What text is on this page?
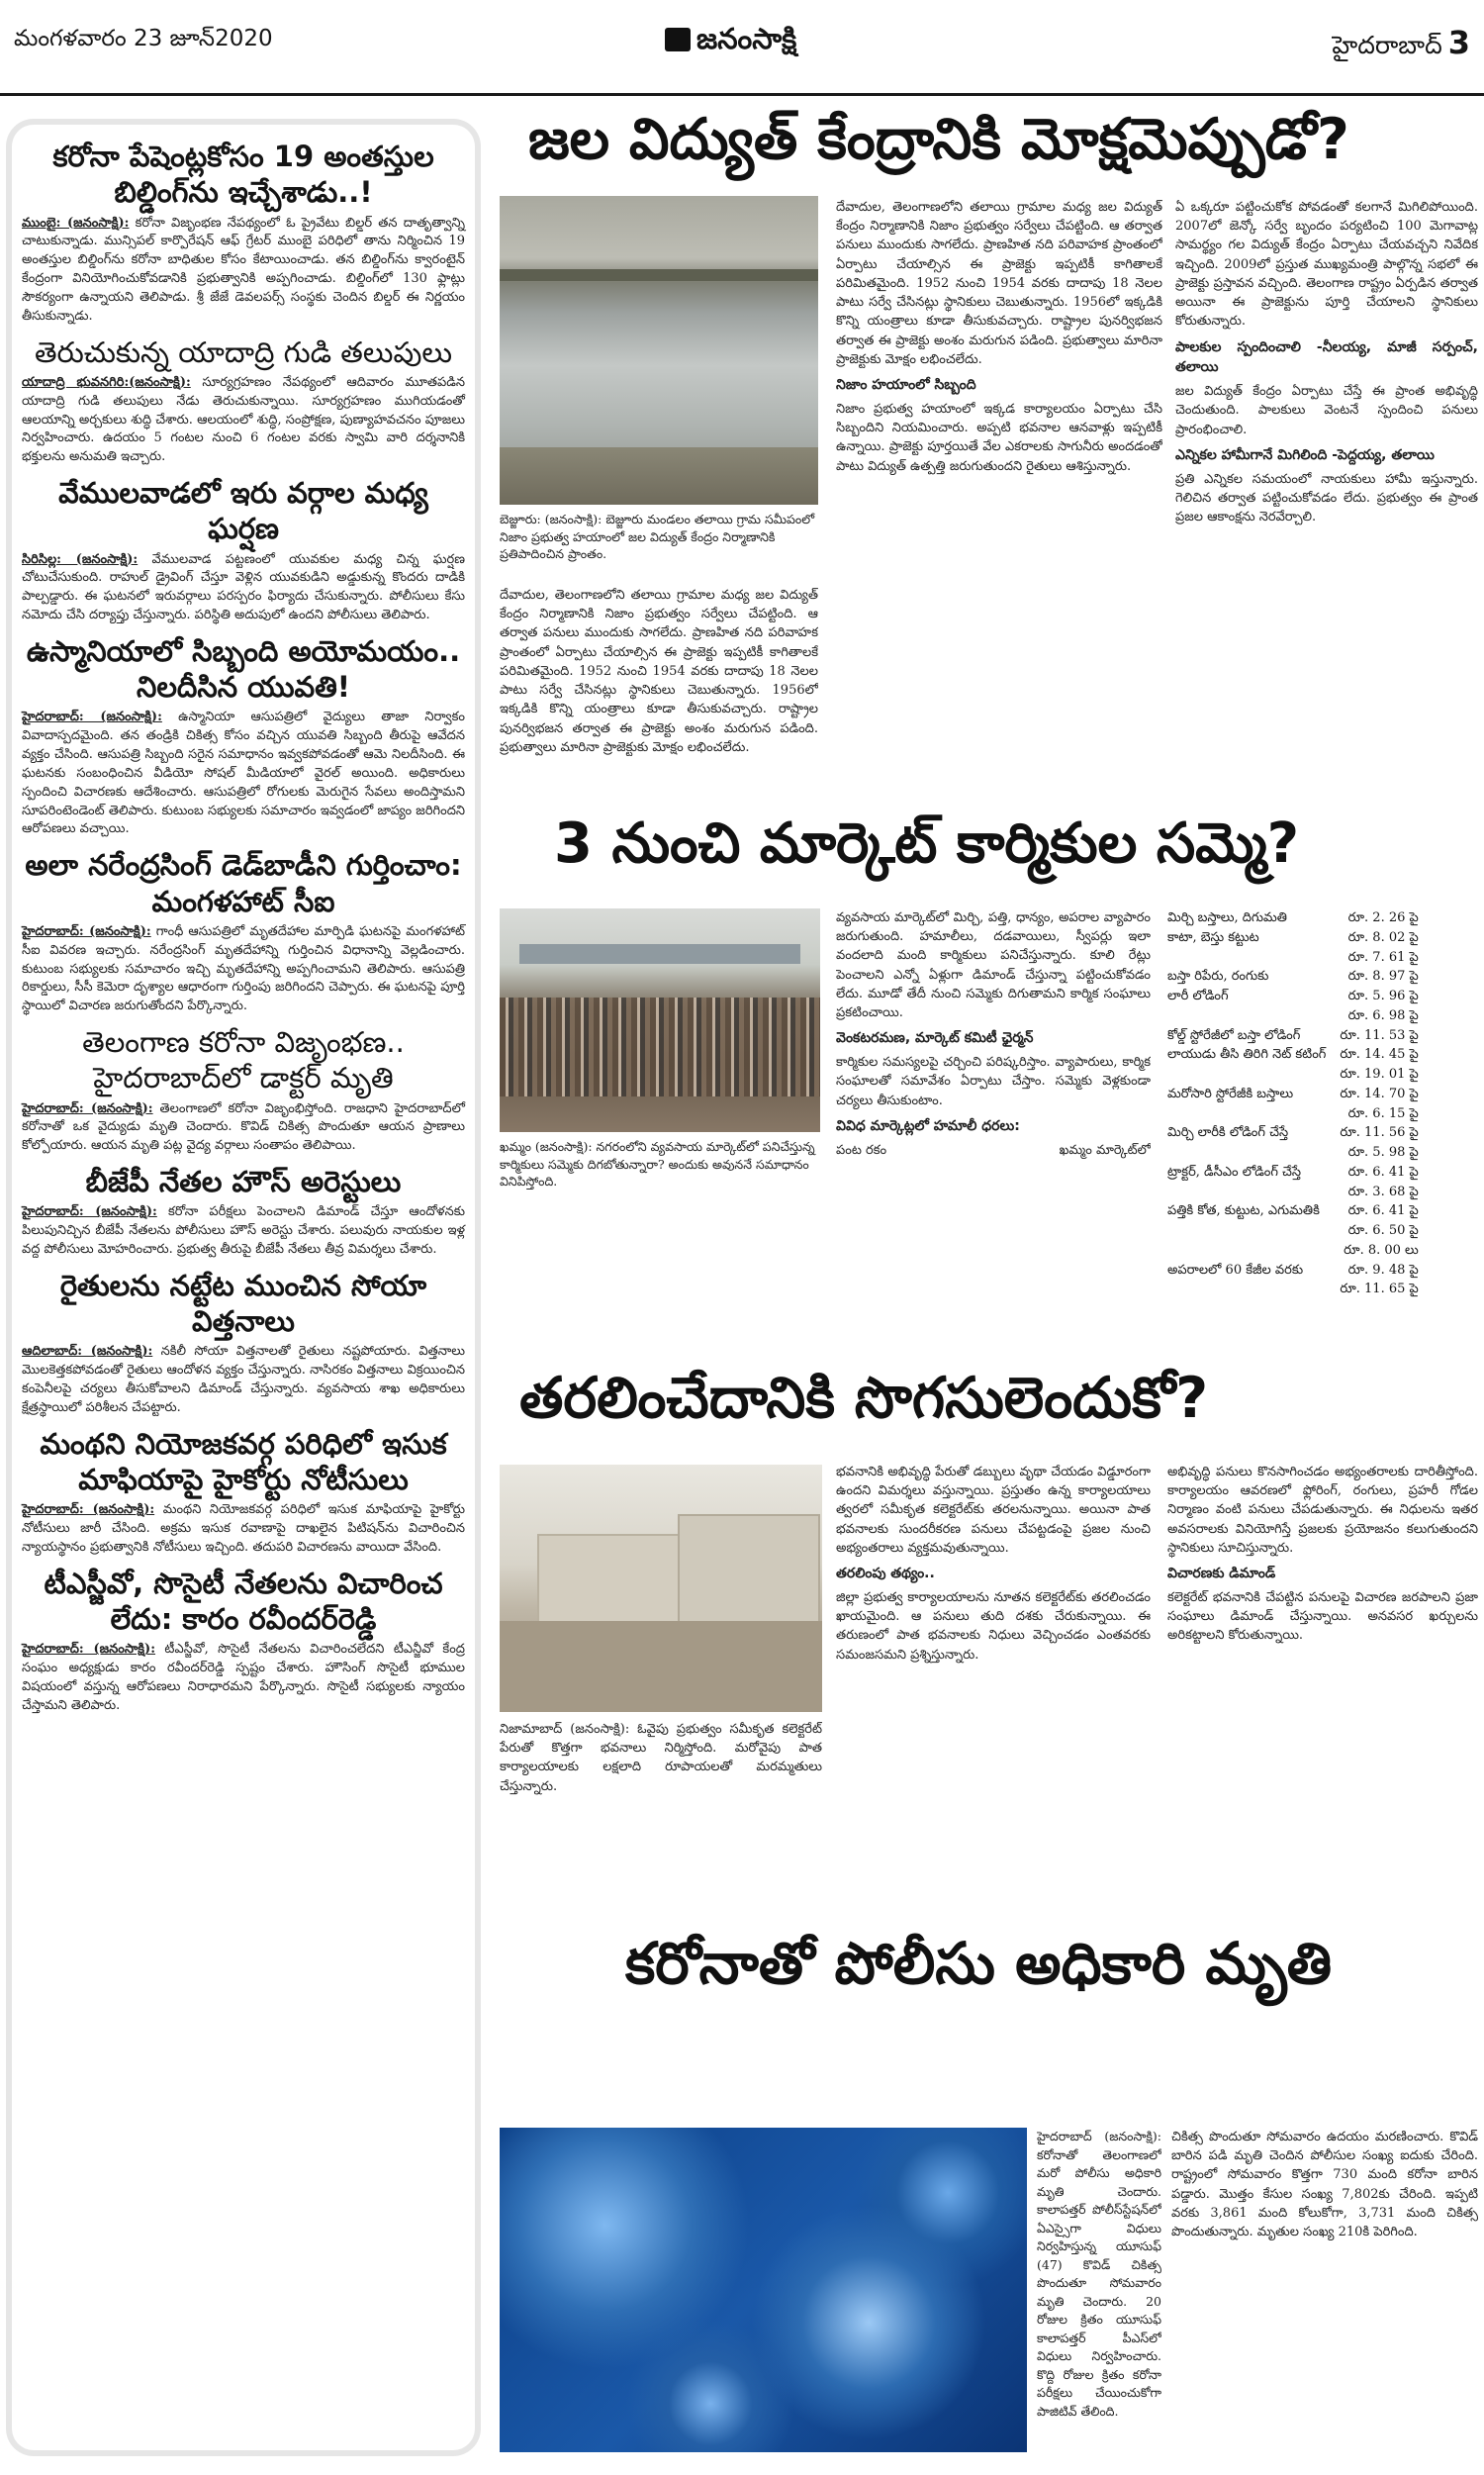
మంగళవారం 23 జూన్2020	జనంసాక్షి	హైదరాబాద్ 3
కరోనా పేషెంట్లకోసం 19 అంతస్తుల బిల్డింగ్‌ను ఇచ్చేశాడు..!

ముంబై: (జనంసాక్షి): కరోనా విజృంభణ నేపథ్యంలో ఓ ప్రైవేటు బిల్డర్ తన దాతృత్వాన్ని చాటుకున్నాడు. మున్సిపల్ కార్పొరేషన్ ఆఫ్ గ్రేటర్ ముంబై పరిధిలో తాను నిర్మించిన 19 అంతస్తుల బిల్డింగ్‌ను కరోనా బాధితుల కోసం కేటాయించాడు. తన బిల్డింగ్‌ను క్వారంటైన్ కేంద్రంగా వినియోగించుకోవడానికి ప్రభుత్వానికి అప్పగించాడు. బిల్డింగ్‌లో 130 ఫ్లాట్లు సౌకర్యంగా ఉన్నాయని తెలిపాడు. శ్రీ జేజే డెవలపర్స్ సంస్థకు చెందిన బిల్డర్ ఈ నిర్ణయం తీసుకున్నాడు.

తెరుచుకున్న యాదాద్రి గుడి తలుపులు

యాదాద్రి భువనగిరి:(జనంసాక్షి): సూర్యగ్రహణం నేపథ్యంలో ఆదివారం మూతపడిన యాదాద్రి గుడి తలుపులు నేడు తెరుచుకున్నాయి. సూర్యగ్రహణం ముగియడంతో ఆలయాన్ని అర్చకులు శుద్ధి చేశారు. ఆలయంలో శుద్ధి, సంప్రోక్షణ, పుణ్యాహవచనం పూజలు నిర్వహించారు. ఉదయం 5 గంటల నుంచి 6 గంటల వరకు స్వామి వారి దర్శనానికి భక్తులను అనుమతి ఇచ్చారు.

వేములవాడలో ఇరు వర్గాల మధ్య ఘర్షణ

సిరిసిల్ల: (జనంసాక్షి): వేములవాడ పట్టణంలో యువకుల మధ్య చిన్న ఘర్షణ చోటుచేసుకుంది. రాహుల్ డ్రైవింగ్ చేస్తూ వెళ్లిన యువకుడిని అడ్డుకున్న కొందరు దాడికి పాల్పడ్డారు. ఈ ఘటనలో ఇరువర్గాలు పరస్పరం ఫిర్యాదు చేసుకున్నారు. పోలీసులు కేసు నమోదు చేసి దర్యాప్తు చేస్తున్నారు. పరిస్థితి అదుపులో ఉందని పోలీసులు తెలిపారు.

ఉస్మానియాలో సిబ్బంది అయోమయం.. నిలదీసిన యువతి!

హైదరాబాద్: (జనంసాక్షి): ఉస్మానియా ఆసుపత్రిలో వైద్యులు తాజా నిర్వాకం వివాదాస్పదమైంది. తన తండ్రికి చికిత్స కోసం వచ్చిన యువతి సిబ్బంది తీరుపై ఆవేదన వ్యక్తం చేసింది. ఆసుపత్రి సిబ్బంది సరైన సమాధానం ఇవ్వకపోవడంతో ఆమె నిలదీసింది. ఈ ఘటనకు సంబంధించిన వీడియో సోషల్ మీడియాలో వైరల్ అయింది. అధికారులు స్పందించి విచారణకు ఆదేశించారు. ఆసుపత్రిలో రోగులకు మెరుగైన సేవలు అందిస్తామని సూపరింటెండెంట్ తెలిపారు. కుటుంబ సభ్యులకు సమాచారం ఇవ్వడంలో జాప్యం జరిగిందని ఆరోపణలు వచ్చాయి.

అలా నరేంద్రసింగ్ డెడ్‌బాడీని గుర్తించాం: మంగళహాట్ సీఐ

హైదరాబాద్: (జనంసాక్షి): గాంధీ ఆసుపత్రిలో మృతదేహాల మార్పిడి ఘటనపై మంగళహాట్ సీఐ వివరణ ఇచ్చారు. నరేంద్రసింగ్ మృతదేహాన్ని గుర్తించిన విధానాన్ని వెల్లడించారు. కుటుంబ సభ్యులకు సమాచారం ఇచ్చి మృతదేహాన్ని అప్పగించామని తెలిపారు. ఆసుపత్రి రికార్డులు, సీసీ కెమెరా దృశ్యాల ఆధారంగా గుర్తింపు జరిగిందని చెప్పారు. ఈ ఘటనపై పూర్తి స్థాయిలో విచారణ జరుగుతోందని పేర్కొన్నారు.

తెలంగాణ కరోనా విజృంభణ.. హైదరాబాద్‌లో డాక్టర్ మృతి

హైదరాబాద్: (జనంసాక్షి): తెలంగాణలో కరోనా విజృంభిస్తోంది. రాజధాని హైదరాబాద్‌లో కరోనాతో ఒక వైద్యుడు మృతి చెందారు. కొవిడ్ చికిత్స పొందుతూ ఆయన ప్రాణాలు కోల్పోయారు. ఆయన మృతి పట్ల వైద్య వర్గాలు సంతాపం తెలిపాయి.

బీజేపీ నేతల హౌస్ అరెస్టులు

హైదరాబాద్: (జనంసాక్షి): కరోనా పరీక్షలు పెంచాలని డిమాండ్ చేస్తూ ఆందోళనకు పిలుపునిచ్చిన బీజేపీ నేతలను పోలీసులు హౌస్ అరెస్టు చేశారు. పలువురు నాయకుల ఇళ్ల వద్ద పోలీసులు మోహరించారు. ప్రభుత్వ తీరుపై బీజేపీ నేతలు తీవ్ర విమర్శలు చేశారు.

రైతులను నట్టేట ముంచిన సోయా విత్తనాలు

ఆదిలాబాద్: (జనంసాక్షి): నకిలీ సోయా విత్తనాలతో రైతులు నష్టపోయారు. విత్తనాలు మొలకెత్తకపోవడంతో రైతులు ఆందోళన వ్యక్తం చేస్తున్నారు. నాసిరకం విత్తనాలు విక్రయించిన కంపెనీలపై చర్యలు తీసుకోవాలని డిమాండ్ చేస్తున్నారు. వ్యవసాయ శాఖ అధికారులు క్షేత్రస్థాయిలో పరిశీలన చేపట్టారు.

మంథని నియోజకవర్గ పరిధిలో ఇసుక మాఫియాపై హైకోర్టు నోటీసులు

హైదరాబాద్: (జనంసాక్షి): మంథని నియోజకవర్గ పరిధిలో ఇసుక మాఫియాపై హైకోర్టు నోటీసులు జారీ చేసింది. అక్రమ ఇసుక రవాణాపై దాఖలైన పిటిషన్‌ను విచారించిన న్యాయస్థానం ప్రభుత్వానికి నోటీసులు ఇచ్చింది. తదుపరి విచారణను వాయిదా వేసింది.

టీఎస్జీవో, సొసైటీ నేతలను విచారించ లేదు: కారం రవీందర్‌రెడ్డి

హైదరాబాద్: (జనంసాక్షి): టీఎస్జీవో, సొసైటీ నేతలను విచారించలేదని టీఎన్జీవో కేంద్ర సంఘం అధ్యక్షుడు కారం రవీందర్‌రెడ్డి స్పష్టం చేశారు. హౌసింగ్ సొసైటీ భూముల విషయంలో వస్తున్న ఆరోపణలు నిరాధారమని పేర్కొన్నారు. సొసైటీ సభ్యులకు న్యాయం చేస్తామని తెలిపారు.

జల విద్యుత్ కేంద్రానికి మోక్షమెప్పుడో?
బెజ్జూరు: (జనంసాక్షి): బెజ్జూరు మండలం తలాయి గ్రామ సమీపంలో నిజాం ప్రభుత్వ హయాంలో జల విద్యుత్ కేంద్రం నిర్మాణానికి ప్రతిపాదించిన ప్రాంతం.

దేవాదుల, తెలంగాణలోని తలాయి గ్రామాల మధ్య జల విద్యుత్ కేంద్రం నిర్మాణానికి నిజాం ప్రభుత్వం సర్వేలు చేపట్టింది. ఆ తర్వాత పనులు ముందుకు సాగలేదు. ప్రాణహిత నది పరివాహక ప్రాంతంలో ఏర్పాటు చేయాల్సిన ఈ ప్రాజెక్టు ఇప్పటికీ కాగితాలకే పరిమితమైంది. 1952 నుంచి 1954 వరకు దాదాపు 18 నెలల పాటు సర్వే చేసినట్లు స్థానికులు చెబుతున్నారు. 1956లో ఇక్కడికి కొన్ని యంత్రాలు కూడా తీసుకువచ్చారు. రాష్ట్రాల పునర్విభజన తర్వాత ఈ ప్రాజెక్టు అంశం మరుగున పడింది. ప్రభుత్వాలు మారినా ప్రాజెక్టుకు మోక్షం లభించలేదు.

దేవాదుల, తెలంగాణలోని తలాయి గ్రామాల మధ్య జల విద్యుత్ కేంద్రం నిర్మాణానికి నిజాం ప్రభుత్వం సర్వేలు చేపట్టింది. ఆ తర్వాత పనులు ముందుకు సాగలేదు. ప్రాణహిత నది పరివాహక ప్రాంతంలో ఏర్పాటు చేయాల్సిన ఈ ప్రాజెక్టు ఇప్పటికీ కాగితాలకే పరిమితమైంది. 1952 నుంచి 1954 వరకు దాదాపు 18 నెలల పాటు సర్వే చేసినట్లు స్థానికులు చెబుతున్నారు. 1956లో ఇక్కడికి కొన్ని యంత్రాలు కూడా తీసుకువచ్చారు. రాష్ట్రాల పునర్విభజన తర్వాత ఈ ప్రాజెక్టు అంశం మరుగున పడింది. ప్రభుత్వాలు మారినా ప్రాజెక్టుకు మోక్షం లభించలేదు.

నిజాం హయాంలో సిబ్బంది

నిజాం ప్రభుత్వ హయాంలో ఇక్కడ కార్యాలయం ఏర్పాటు చేసి సిబ్బందిని నియమించారు. అప్పటి భవనాల ఆనవాళ్లు ఇప్పటికీ ఉన్నాయి. ప్రాజెక్టు పూర్తయితే వేల ఎకరాలకు సాగునీరు అందడంతో పాటు విద్యుత్ ఉత్పత్తి జరుగుతుందని రైతులు ఆశిస్తున్నారు.

ఏ ఒక్కరూ పట్టించుకోక పోవడంతో కలగానే మిగిలిపోయింది. 2007లో జెన్కో సర్వే బృందం పర్యటించి 100 మెగావాట్ల సామర్థ్యం గల విద్యుత్ కేంద్రం ఏర్పాటు చేయవచ్చని నివేదిక ఇచ్చింది. 2009లో ప్రస్తుత ముఖ్యమంత్రి పాల్గొన్న సభలో ఈ ప్రాజెక్టు ప్రస్తావన వచ్చింది. తెలంగాణ రాష్ట్రం ఏర్పడిన తర్వాత అయినా ఈ ప్రాజెక్టును పూర్తి చేయాలని స్థానికులు కోరుతున్నారు.

పాలకుల స్పందించాలి -నీలయ్య, మాజీ సర్పంచ్, తలాయి

జల విద్యుత్ కేంద్రం ఏర్పాటు చేస్తే ఈ ప్రాంత అభివృద్ధి చెందుతుంది. పాలకులు వెంటనే స్పందించి పనులు ప్రారంభించాలి.

ఎన్నికల హామీగానే మిగిలింది -పెద్దయ్య, తలాయి

ప్రతి ఎన్నికల సమయంలో నాయకులు హామీ ఇస్తున్నారు. గెలిచిన తర్వాత పట్టించుకోవడం లేదు. ప్రభుత్వం ఈ ప్రాంత ప్రజల ఆకాంక్షను నెరవేర్చాలి.

3 నుంచి మార్కెట్ కార్మికుల సమ్మె?
ఖమ్మం (జనంసాక్షి): నగరంలోని వ్యవసాయ మార్కెట్‌లో పనిచేస్తున్న కార్మికులు సమ్మెకు దిగబోతున్నారా? అందుకు అవుననే సమాధానం వినిపిస్తోంది.

వ్యవసాయ మార్కెట్‌లో మిర్చి, పత్తి, ధాన్యం, అపరాల వ్యాపారం జరుగుతుంది. హమాలీలు, దడవాయిలు, స్వీపర్లు ఇలా వందలాది మంది కార్మికులు పనిచేస్తున్నారు. కూలి రేట్లు పెంచాలని ఎన్నో ఏళ్లుగా డిమాండ్ చేస్తున్నా పట్టించుకోవడం లేదు. మూడో తేదీ నుంచి సమ్మెకు దిగుతామని కార్మిక సంఘాలు ప్రకటించాయి.

వెంకటరమణ, మార్కెట్ కమిటీ ఛైర్మన్

కార్మికుల సమస్యలపై చర్చించి పరిష్కరిస్తాం. వ్యాపారులు, కార్మిక సంఘాలతో సమావేశం ఏర్పాటు చేస్తాం. సమ్మెకు వెళ్లకుండా చర్యలు తీసుకుంటాం.

వివిధ మార్కెట్లలో హమాలీ ధరలు:
పంట రకం	ఖమ్మం మార్కెట్‌లో
మిర్చి బస్తాలు, దిగుమతి	రూ. 2. 26 పై
కాటా, బెస్తు కట్టుట	రూ. 8. 02 పై
	రూ. 7. 61 పై
బస్తా రిపేరు, రంగుకు	రూ. 8. 97 పై
లారీ లోడింగ్	రూ. 5. 96 పై
	రూ. 6. 98 పై
కోల్డ్ స్టోరేజీలో బస్తా లోడింగ్	రూ. 11. 53 పై
లాయుడు తీసి తిరిగి నెట్ కటింగ్	రూ. 14. 45 పై
	రూ. 19. 01 పై
మరోసారి స్టోరేజీకి బస్తాలు	రూ. 14. 70 పై
	రూ. 6. 15 పై
మిర్చి లారీకి లోడింగ్ చేస్తే	రూ. 11. 56 పై
	రూ. 5. 98 పై
ట్రాక్టర్, డీసీఎం లోడింగ్ చేస్తే	రూ. 6. 41 పై
	రూ. 3. 68 పై
పత్తికి కోత, కుట్టుట, ఎగుమతికి	రూ. 6. 41 పై
	రూ. 6. 50 పై
	రూ. 8. 00 లు
అపరాలలో 60 కేజీల వరకు	రూ. 9. 48 పై
	రూ. 11. 65 పై
తరలించేదానికి సొగసులెందుకో?

నిజామాబాద్ (జనంసాక్షి): ఓవైపు ప్రభుత్వం సమీకృత కలెక్టరేట్ పేరుతో కొత్తగా భవనాలు నిర్మిస్తోంది. మరోవైపు పాత కార్యాలయాలకు లక్షలాది రూపాయలతో మరమ్మతులు చేస్తున్నారు.

భవనానికి అభివృద్ధి పేరుతో డబ్బులు వృథా చేయడం విడ్డూరంగా ఉందని విమర్శలు వస్తున్నాయి. ప్రస్తుతం ఉన్న కార్యాలయాలు త్వరలో సమీకృత కలెక్టరేట్‌కు తరలనున్నాయి. అయినా పాత భవనాలకు సుందరీకరణ పనులు చేపట్టడంపై ప్రజల నుంచి అభ్యంతరాలు వ్యక్తమవుతున్నాయి.

తరలింపు తథ్యం..

జిల్లా ప్రభుత్వ కార్యాలయాలను నూతన కలెక్టరేట్‌కు తరలించడం ఖాయమైంది. ఆ పనులు తుది దశకు చేరుకున్నాయి. ఈ తరుణంలో పాత భవనాలకు నిధులు వెచ్చించడం ఎంతవరకు సమంజసమని ప్రశ్నిస్తున్నారు.

అభివృద్ధి పనులు కొనసాగించడం అభ్యంతరాలకు దారితీస్తోంది. కార్యాలయం ఆవరణలో ఫ్లోరింగ్, రంగులు, ప్రహరీ గోడల నిర్మాణం వంటి పనులు చేపడుతున్నారు. ఈ నిధులను ఇతర అవసరాలకు వినియోగిస్తే ప్రజలకు ప్రయోజనం కలుగుతుందని స్థానికులు సూచిస్తున్నారు.

విచారణకు డిమాండ్

కలెక్టరేట్ భవనానికి చేపట్టిన పనులపై విచారణ జరపాలని ప్రజా సంఘాలు డిమాండ్ చేస్తున్నాయి. అనవసర ఖర్చులను అరికట్టాలని కోరుతున్నాయి.

కరోనాతో పోలీసు అధికారి మృతి

హైదరాబాద్ (జనంసాక్షి): కరోనాతో తెలంగాణలో మరో పోలీసు అధికారి మృతి చెందారు. కాలాపత్తర్ పోలీస్‌స్టేషన్‌లో ఏఎస్సైగా విధులు నిర్వహిస్తున్న యూసుఫ్ (47) కొవిడ్ చికిత్స పొందుతూ సోమవారం మృతి చెందారు. 20 రోజుల క్రితం యూసుఫ్ కాలాపత్తర్ పీఎస్‌లో విధులు నిర్వహించారు. కొద్ది రోజుల క్రితం కరోనా పరీక్షలు చేయించుకోగా పాజిటివ్ తేలింది.

చికిత్స పొందుతూ సోమవారం ఉదయం మరణించారు. కొవిడ్ బారిన పడి మృతి చెందిన పోలీసుల సంఖ్య ఐదుకు చేరింది. రాష్ట్రంలో సోమవారం కొత్తగా 730 మంది కరోనా బారిన పడ్డారు. మొత్తం కేసుల సంఖ్య 7,802కు చేరింది. ఇప్పటి వరకు 3,861 మంది కోలుకోగా, 3,731 మంది చికిత్స పొందుతున్నారు. మృతుల సంఖ్య 210కి పెరిగింది.
